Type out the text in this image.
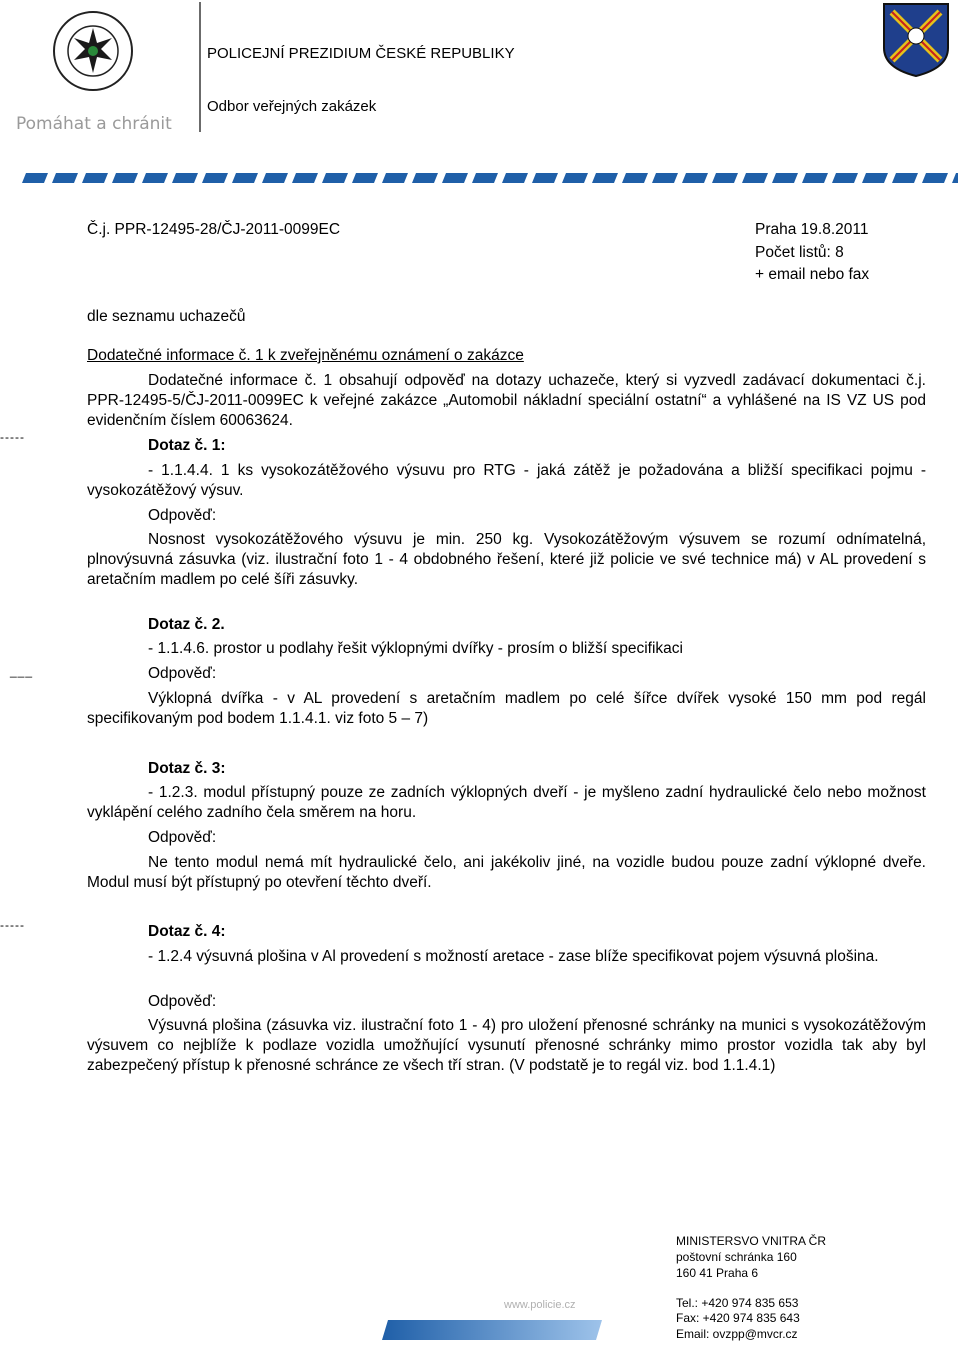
Pomáhat a chránit
POLICEJNÍ PREZIDIUM ČESKÉ REPUBLIKY
Odbor veřejných zakázek
Č.j. PPR-12495-28/ČJ-2011-0099EC	Praha 19.8.2011
Počet listů: 8
+ email nebo fax
dle seznamu uchazečů
Dodatečné informace č. 1 k zveřejněnému oznámení o zakázce
Dodatečné informace č. 1 obsahují odpověď na dotazy uchazeče, který si vyzvedl zadávací dokumentaci č.j. PPR-12495-5/ČJ-2011-0099EC k veřejné zakázce „Automobil nákladní speciální ostatní“ a vyhlášené na IS VZ US pod evidenčním číslem 60063624.
-----
___
-----
Dotaz č. 1:
- 1.1.4.4. 1 ks vysokozátěžového výsuvu pro RTG - jaká zátěž je požadována a bližší specifikaci pojmu - vysokozátěžový výsuv.
Odpověď:
Nosnost vysokozátěžového výsuvu je min. 250 kg. Vysokozátěžovým výsuvem se rozumí odnímatelná, plnovýsuvná zásuvka (viz. ilustrační foto 1 - 4 obdobného řešení, které již policie ve své technice má) v AL provedení s aretačním madlem po celé šíři zásuvky.
Dotaz č. 2.
- 1.1.4.6. prostor u podlahy řešit výklopnými dvířky - prosím o bližší specifikaci
Odpověď:
Výklopná dvířka - v AL provedení s aretačním madlem po celé šířce dvířek vysoké 150 mm pod regál specifikovaným pod bodem 1.1.4.1. viz foto 5 – 7)
Dotaz č. 3:
- 1.2.3. modul přístupný pouze ze zadních výklopných dveří - je myšleno zadní hydraulické čelo nebo možnost vyklápění celého zadního čela směrem na horu.
Odpověď:
Ne tento modul nemá mít hydraulické čelo, ani jakékoliv jiné, na vozidle budou pouze zadní výklopné dveře. Modul musí být přístupný po otevření těchto dveří.
Dotaz č. 4:
- 1.2.4 výsuvná plošina v Al provedení s možností aretace - zase blíže specifikovat pojem výsuvná plošina.
Odpověď:
Výsuvná plošina (zásuvka viz. ilustrační foto 1 - 4) pro uložení přenosné schránky na munici s vysokozátěžovým výsuvem co nejblíže k podlaze vozidla umožňující vysunutí přenosné schránky mimo prostor vozidla tak aby byl zabezpečený přístup k přenosné schránce ze všech tří stran. (V podstatě je to regál viz. bod 1.1.4.1)
www.policie.cz
MINISTERSVO VNITRA ČR
poštovní schránka 160
160 41 Praha 6
Tel.: +420 974 835 653
Fax: +420 974 835 643
Email: ovzpp@mvcr.cz
